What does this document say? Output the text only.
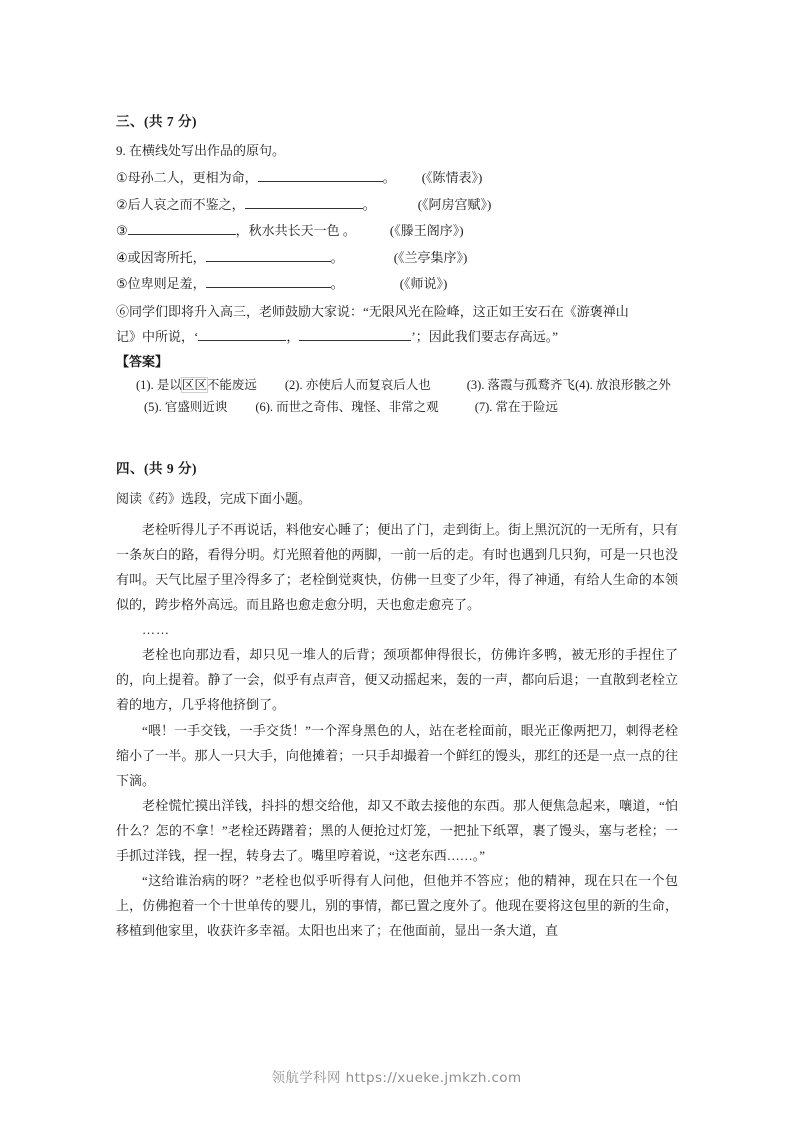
三、(共 7 分)
9. 在横线处写出作品的原句。
① 母孙二人，更相为命，	。 (《陈情表》)
② 后人哀之而不鉴之，	。	(《阿房宫赋》)
③	，秋水共长天一色 。	(《滕王阁序》)
④ 或因寄所托，	。	(《兰亭集序》)
⑤ 位卑则足羞，	。	(《师说》)
⑥同学们即将升入高三，老师鼓励大家说：“无限风光在险峰，这正如王安石在《游褒禅山
记》中所说，‘	，	’；因此我们要志存高远。”
【答案】
(1). 是以区区不能废远 (2). 亦使后人而复哀后人也	(3). 落霞与孤鹜齐飞(4). 放浪形骸之外(5). 官盛则近谀 (6). 而世之奇伟、瑰怪、非常之观	(7). 常在于险远
四、(共 9 分)
阅读《药》选段，完成下面小题。

老栓听得儿子不再说话，料他安心睡了；便出了门，走到街上。街上黑沉沉的一无所有，只有一条灰白的路，看得分明。灯光照着他的两脚，一前一后的走。有时也遇到几只狗，可是一只也没有叫。天气比屋子里冷得多了；老栓倒觉爽快，仿佛一旦变了少年，得了神通，有给人生命的本领似的，跨步格外高远。而且路也愈走愈分明，天也愈走愈亮了。

……

老栓也向那边看，却只见一堆人的后背；颈项都伸得很长，仿佛许多鸭，被无形的手捏住了的，向上提着。静了一会，似乎有点声音，便又动摇起来，轰的一声，都向后退；一直散到老栓立着的地方，几乎将他挤倒了。

“喂！一手交钱，一手交货！”一个浑身黑色的人，站在老栓面前，眼光正像两把刀，刺得老栓缩小了一半。那人一只大手，向他摊着；一只手却撮着一个鲜红的馒头，那红的还是一点一点的往下滴。

老栓慌忙摸出洋钱，抖抖的想交给他，却又不敢去接他的东西。那人便焦急起来，嚷道，“怕什么？怎的不拿！”老栓还踌躇着；黑的人便抢过灯笼，一把扯下纸罩，裹了馒头，塞与老栓；一手抓过洋钱，捏一捏，转身去了。嘴里哼着说，“这老东西……。”

“这给谁治病的呀？”老栓也似乎听得有人问他，但他并不答应；他的精神，现在只在一个包上，仿佛抱着一个十世单传的婴儿，别的事情，都已置之度外了。他现在要将这包里的新的生命，移植到他家里，收获许多幸福。太阳也出来了；在他面前，显出一条大道，直

领航学科网 https://xueke.jmkzh.com
